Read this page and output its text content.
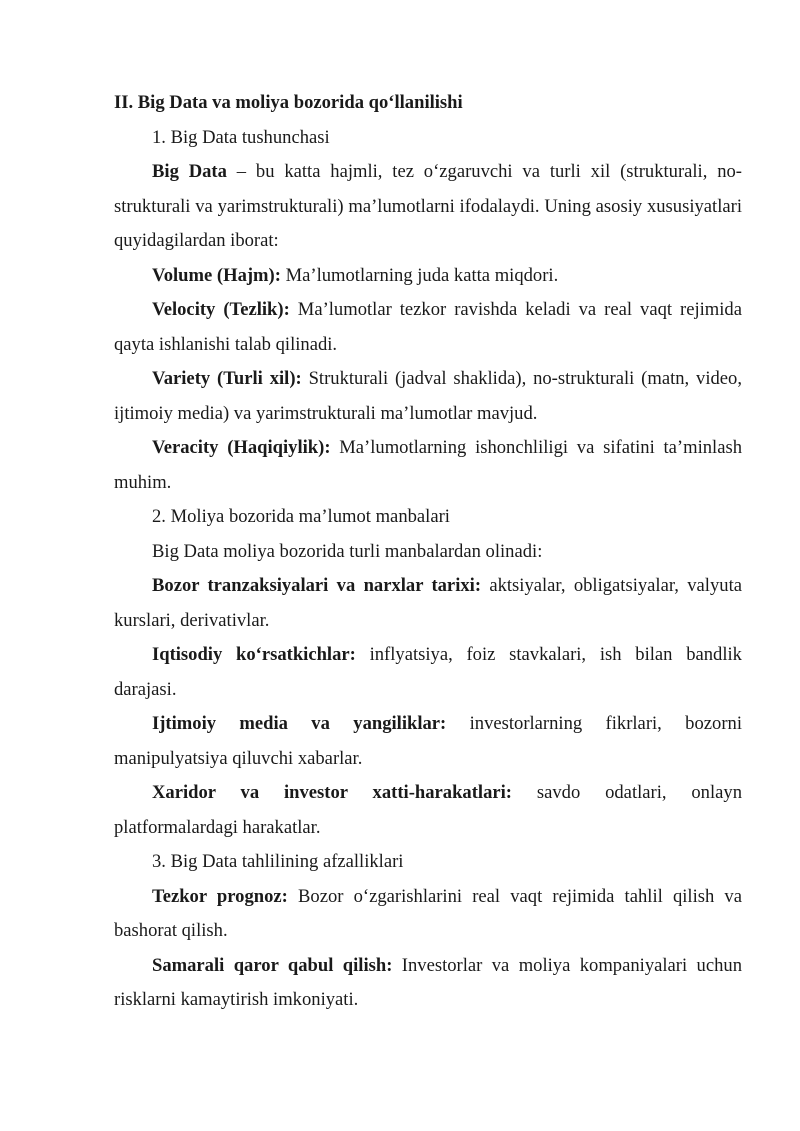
II. Big Data va moliya bozorida qo‘llanilishi

1. Big Data tushunchasi

Big Data – bu katta hajmli, tez o‘zgaruvchi va turli xil (strukturali, no-strukturali va yarimstrukturali) ma’lumotlarni ifodalaydi. Uning asosiy xususiyatlari quyidagilardan iborat:

Volume (Hajm): Ma’lumotlarning juda katta miqdori.

Velocity (Tezlik): Ma’lumotlar tezkor ravishda keladi va real vaqt rejimida qayta ishlanishi talab qilinadi.

Variety (Turli xil): Strukturali (jadval shaklida), no-strukturali (matn, video, ijtimoiy media) va yarimstrukturali ma’lumotlar mavjud.

Veracity (Haqiqiylik): Ma’lumotlarning ishonchliligi va sifatini ta’minlash muhim.

2. Moliya bozorida ma’lumot manbalari

Big Data moliya bozorida turli manbalardan olinadi:

Bozor tranzaksiyalari va narxlar tarixi: aktsiyalar, obligatsiyalar, valyuta kurslari, derivativlar.

Iqtisodiy ko‘rsatkichlar: inflyatsiya, foiz stavkalari, ish bilan bandlik darajasi.

Ijtimoiy media va yangiliklar: investorlarning fikrlari, bozorni manipulyatsiya qiluvchi xabarlar.

Xaridor va investor xatti-harakatlari: savdo odatlari, onlayn platformalardagi harakatlar.

3. Big Data tahlilining afzalliklari

Tezkor prognoz: Bozor o‘zgarishlarini real vaqt rejimida tahlil qilish va bashorat qilish.

Samarali qaror qabul qilish: Investorlar va moliya kompaniyalari uchun risklarni kamaytirish imkoniyati.
